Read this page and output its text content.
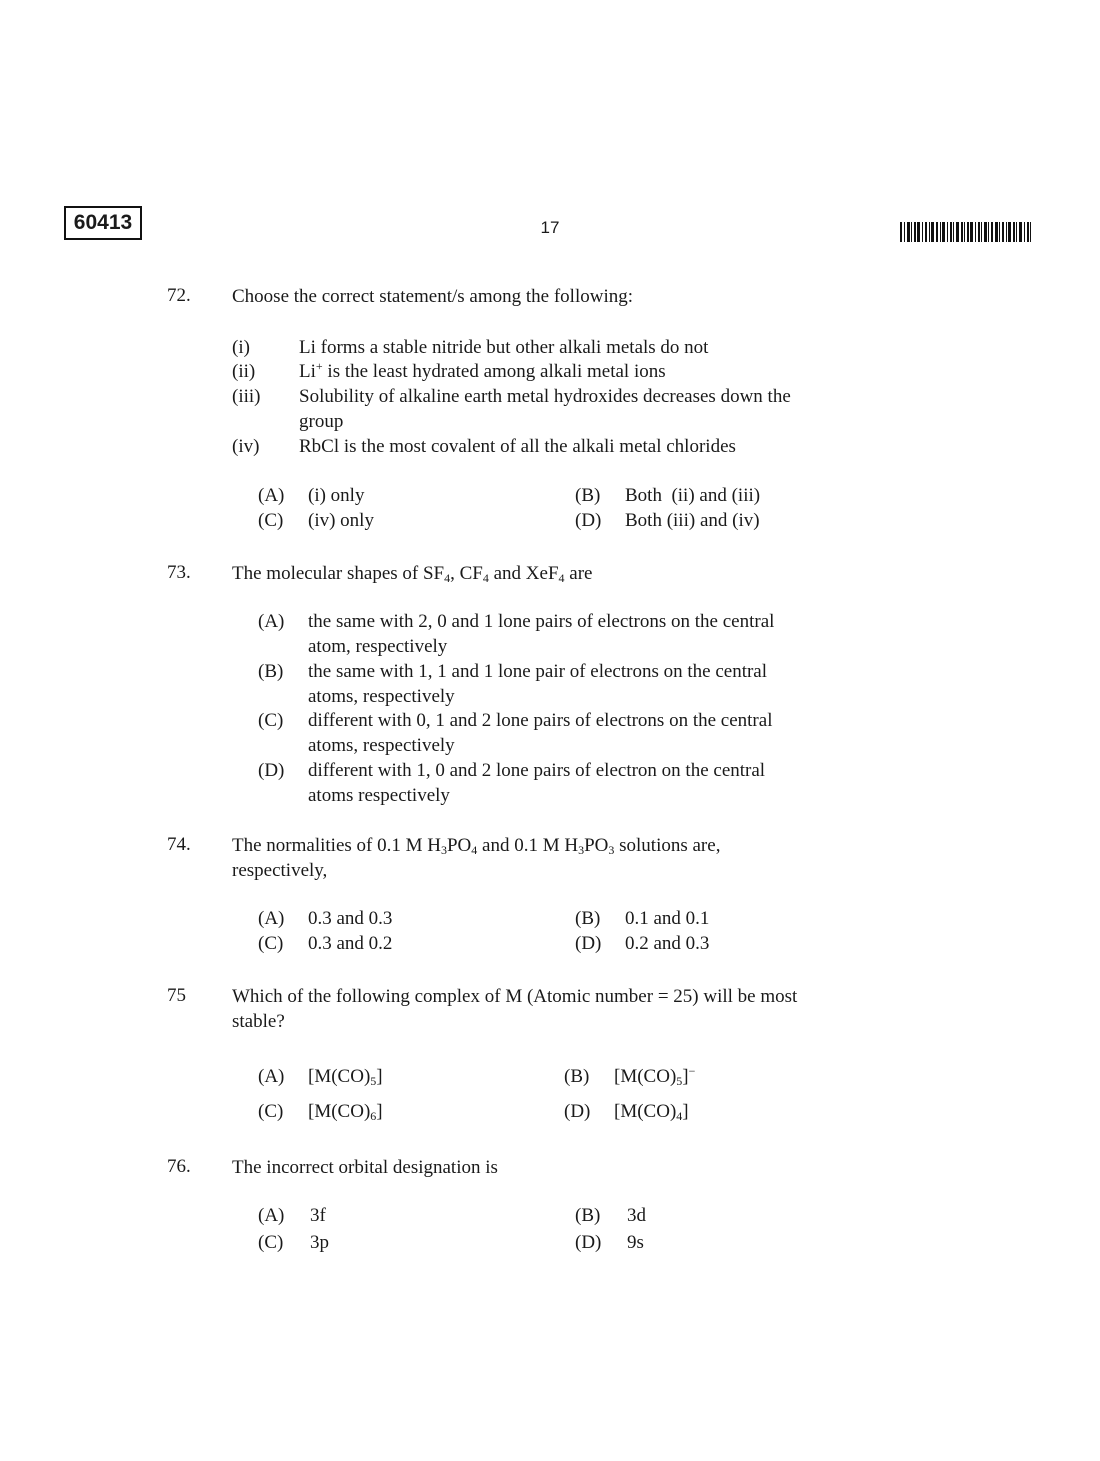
60413	17
72. Choose the correct statement/s among the following:
(i)	Li forms a stable nitride but other alkali metals do not
(ii) Li+ is the least hydrated among alkali metal ions
(iii) Solubility of alkaline earth metal hydroxides decreases down the
group
(iv) RbCl is the most covalent of all the alkali metal chlorides
(A) (i) only	(B) Both  (ii) and (iii)
(C) (iv) only	(D) Both (iii) and (iv)
73. The molecular shapes of $SF_4$, $CF_4$ and XeF$_4$ are
(A) the same with 2, 0 and 1 lone pairs of electrons on the central
atom, respectively
(B) the same with 1, 1 and 1 lone pair of electrons on the central
atoms, respectively
(C) different with 0, 1 and 2 lone pairs of electrons on the central
atoms, respectively
(D) different with 1, 0 and 2 lone pairs of electron on the central
atoms respectively
74. The normalities of 0.1 M $H_3PO_4$ and 0.1 M $H_3PO_3$ solutions are,
respectively,
(A) 0.3 and 0.3	(B) 0.1 and 0.1
(C) 0.3 and 0.2	(D) 0.2 and 0.3
75 Which of the following complex of M (Atomic number = 25) will be most
stable?
(A) $[M(CO)_5]$	(B) $[M(CO)_5]^-$
(C) $[M(CO)_6]$	(D) $[M(CO)_4]$
76. The incorrect orbital designation is
(A) 3f	(B) 3d
(C) 3p	(D) 9s
